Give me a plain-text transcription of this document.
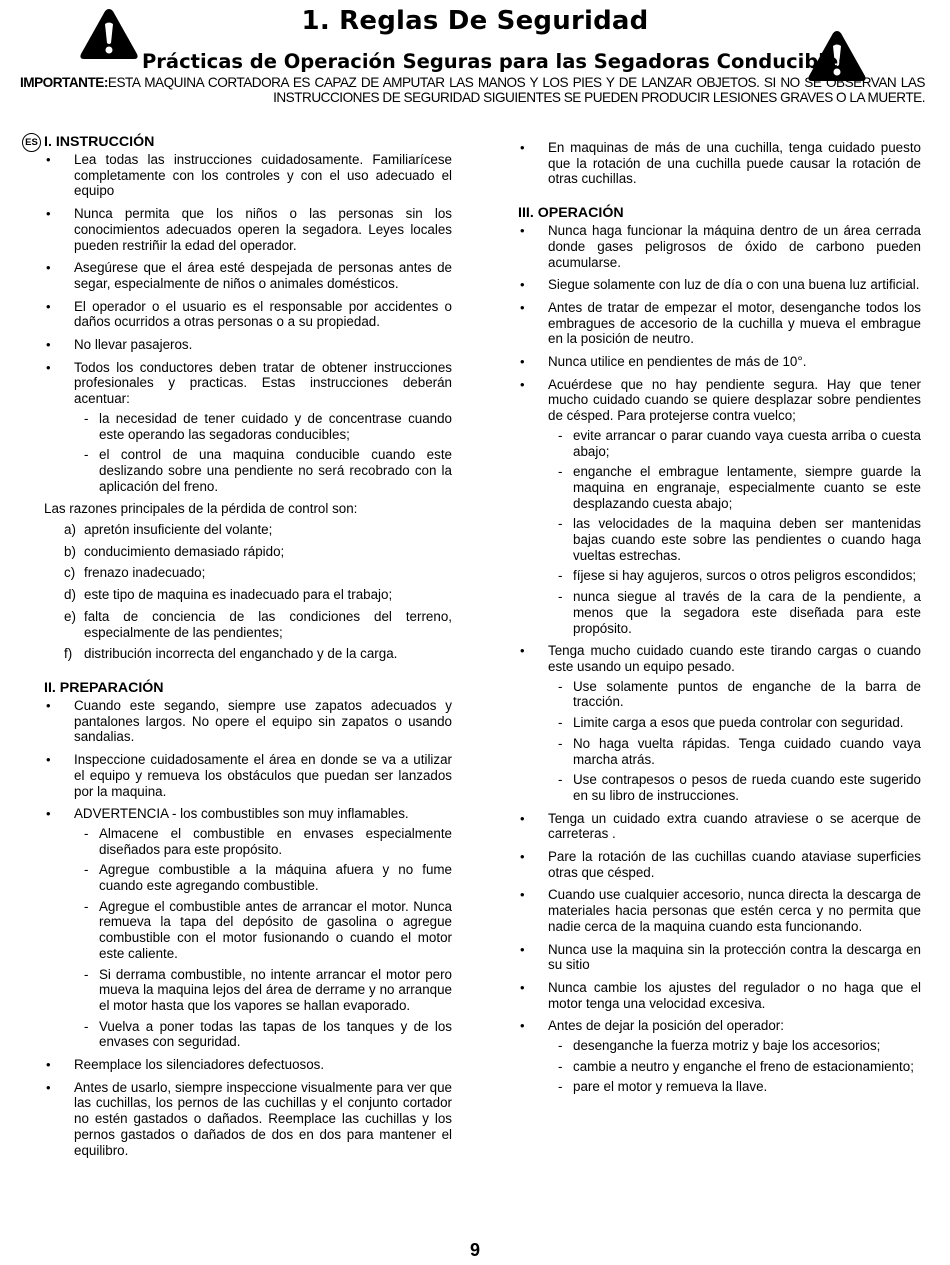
1. Reglas De Seguridad
Prácticas de Operación Seguras para las Segadoras Conducibles
IMPORTANTE:ESTA MAQUINA CORTADORA ES CAPAZ DE AMPUTAR LAS MANOS Y LOS PIES Y DE LANZAR OBJETOS. SI NO SE OBSERVAN LAS INSTRUCCIONES DE SEGURIDAD SIGUIENTES SE PUEDEN PRODUCIR LESIONES GRAVES O LA MUERTE.
ES I. INSTRUCCIÓN
• Lea todas las instrucciones cuidadosamente. Familiarícese completamente con los controles y con el uso adecuado el equipo
• Nunca permita que los niños o las personas sin los conocimientos adecuados operen la segadora. Leyes locales pueden restriñir la edad del operador.
• Asegúrese que el área esté despejada de personas antes de segar, especialmente de niños o animales domésticos.
• El operador o el usuario es el responsable por accidentes o daños ocurridos a otras personas o a su propiedad.
• No llevar pasajeros.
• Todos los conductores deben tratar de obtener instrucciones profesionales y practicas. Estas instrucciones deberán acentuar:
- la necesidad de tener cuidado y de concentrase cuando este operando las segadoras conducibles;
- el control de una maquina conducible cuando este deslizando sobre una pendiente no será recobrado con la aplicación del freno.

Las razones principales de la pérdida de control son:

a) apretón insuficiente del volante;
b) conducimiento demasiado rápido;
c) frenazo inadecuado;
d) este tipo de maquina es inadecuado para el trabajo;
e) falta de conciencia de las condiciones del terreno, especialmente de las pendientes;
f) distribución incorrecta del enganchado y de la carga.
II. PREPARACIÓN
• Cuando este segando, siempre use zapatos adecuados y pantalones largos. No opere el equipo sin zapatos o usando sandalias.
• Inspeccione cuidadosamente el área en donde se va a utilizar el equipo y remueva los obstáculos que puedan ser lanzados por la maquina.
• ADVERTENCIA - los combustibles son muy inflamables.
- Almacene el combustible en envases especialmente diseñados para este propósito.
- Agregue combustible a la máquina afuera y no fume cuando este agregando combustible.
- Agregue el combustible antes de arrancar el motor. Nunca remueva la tapa del depósito de gasolina o agregue combustible con el motor fusionando o cuando el motor este caliente.
- Si derrama combustible, no intente arrancar el motor pero mueva la maquina lejos del área de derrame y no arranque el motor hasta que los vapores se hallan evaporado.
- Vuelva a poner todas las tapas de los tanques y de los envases con seguridad.
• Reemplace los silenciadores defectuosos.
• Antes de usarlo, siempre inspeccione visualmente para ver que las cuchillas, los pernos de las cuchillas y el conjunto cortador no estén gastados o dañados. Reemplace las cuchillas y los pernos gastados o dañados de dos en dos para mantener el equilibro.
• En maquinas de más de una cuchilla, tenga cuidado puesto que la rotación de una cuchilla puede causar la rotación de otras cuchillas.
III. OPERACIÓN
• Nunca haga funcionar la máquina dentro de un área cerrada donde gases peligrosos de óxido de carbono pueden acumularse.
• Siegue solamente con luz de día o con una buena luz artificial.
• Antes de tratar de empezar el motor, desenganche todos los embragues de accesorio de la cuchilla y mueva el embrague en la posición de neutro.
• Nunca utilice en pendientes de más de 10°.
• Acuérdese que no hay pendiente segura. Hay que tener mucho cuidado cuando se quiere desplazar sobre pendientes de césped. Para protejerse contra vuelco;
- evite arrancar o parar cuando vaya cuesta arriba o cuesta abajo;
- enganche el embrague lentamente, siempre guarde la maquina en engranaje, especialmente cuanto se este desplazando cuesta abajo;
- las velocidades de la maquina deben ser mantenidas bajas cuando este sobre las pendientes o cuando haga vueltas estrechas.
- fíjese si hay agujeros, surcos o otros peligros escondidos;
- nunca siegue al través de la cara de la pendiente, a menos que la segadora este diseñada para este propósito.
• Tenga mucho cuidado cuando este tirando cargas o cuando este usando un equipo pesado.
- Use solamente puntos de enganche de la barra de tracción.
- Limite carga a esos que pueda controlar con seguridad.
- No haga vuelta rápidas. Tenga cuidado cuando vaya marcha atrás.
- Use contrapesos o pesos de rueda cuando este sugerido en su libro de instrucciones.
• Tenga un cuidado extra cuando atraviese o se acerque de carreteras .
• Pare la rotación de las cuchillas cuando ataviase superficies otras que césped.
• Cuando use cualquier accesorio, nunca directa la descarga de materiales hacia personas que estén cerca y no permita que nadie cerca de la maquina cuando esta funcionando.
• Nunca use la maquina sin la protección contra la descarga en su sitio
• Nunca cambie los ajustes del regulador o no haga que el motor tenga una velocidad excesiva.
• Antes de dejar la posición del operador:
- desenganche la fuerza motriz y baje los accesorios;
- cambie a neutro y enganche el freno de estacionamiento;
- pare el motor y remueva la llave.
9
